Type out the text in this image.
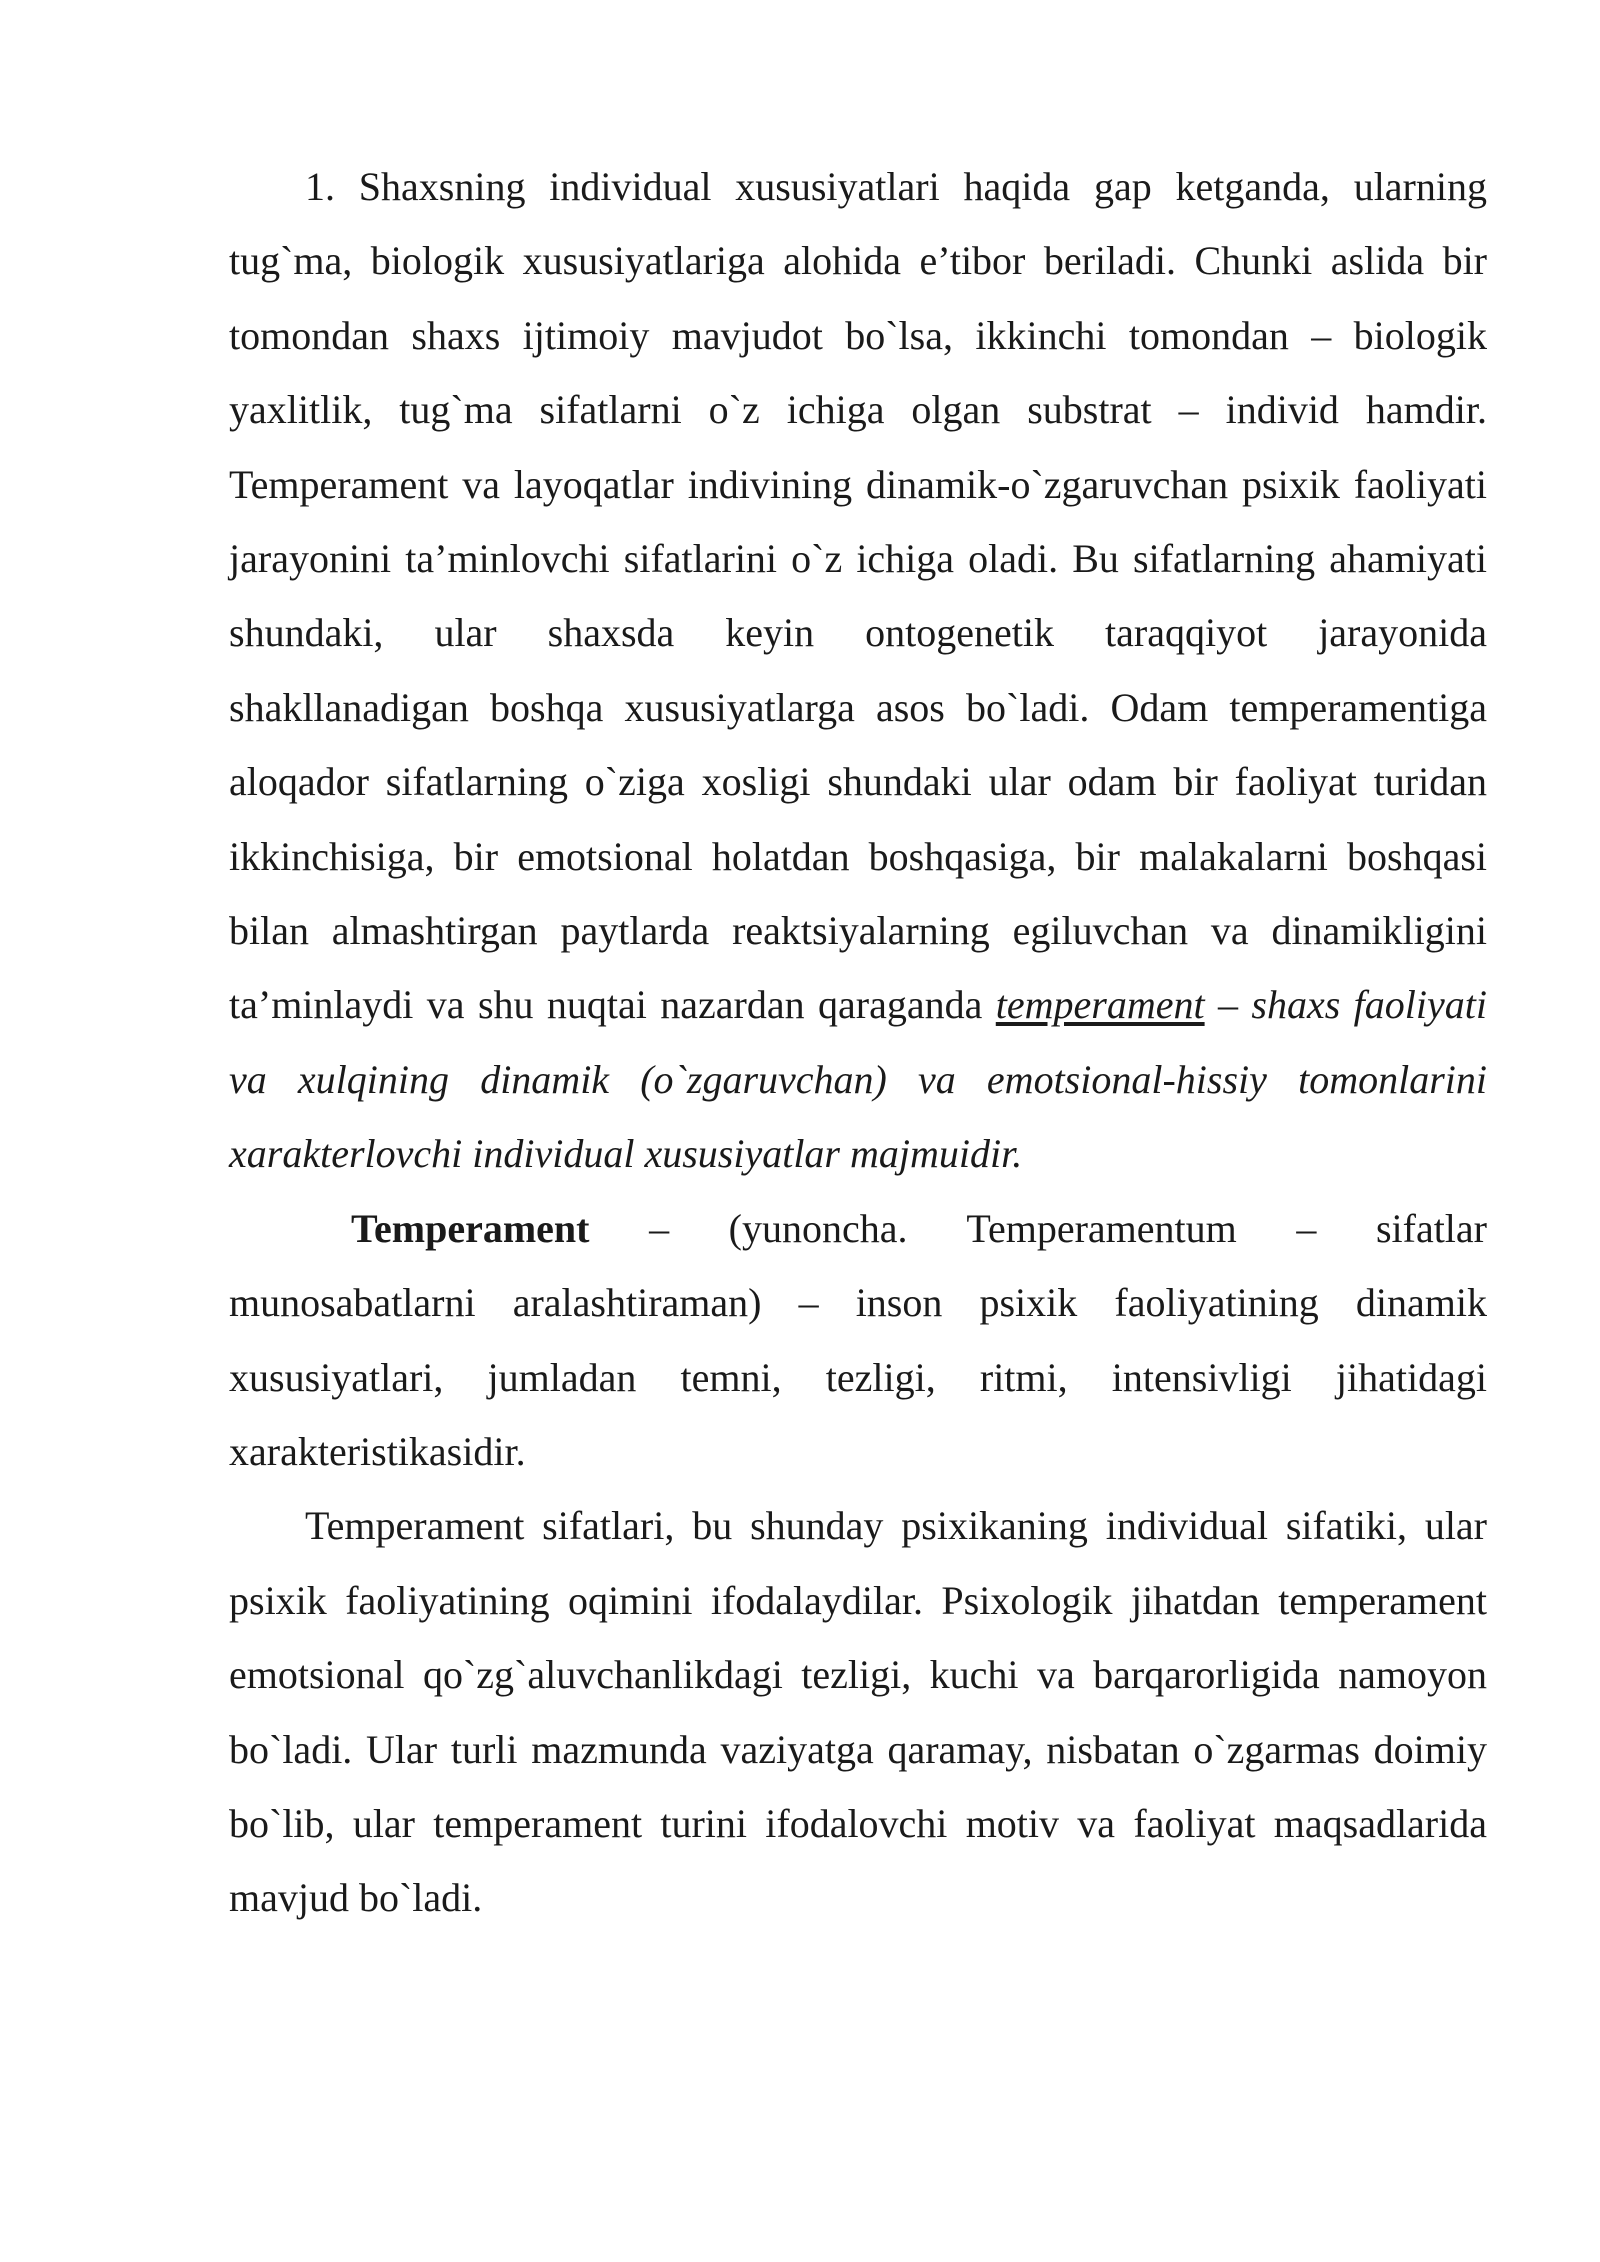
1. Shaxsning individual xususiyatlari haqida gap ketganda, ularning tug`ma, biologik xususiyatlariga alohida e’tibor beriladi. Chunki aslida bir tomondan shaxs ijtimoiy mavjudot bo`lsa, ikkinchi tomondan – biologik yaxlitlik, tug`ma sifatlarni o`z ichiga olgan substrat – individ hamdir. Temperament va layoqatlar indivining dinamik-o`zgaruvchan psixik faoliyati jarayonini ta’minlovchi sifatlarini o`z ichiga oladi. Bu sifatlarning ahamiyati shundaki, ular shaxsda keyin ontogenetik taraqqiyot jarayonida shakllanadigan boshqa xususiyatlarga asos bo`ladi. Odam temperamentiga aloqador sifatlarning o`ziga xosligi shundaki ular odam bir faoliyat turidan ikkinchisiga, bir emotsional holatdan boshqasiga, bir malakalarni boshqasi bilan almashtirgan paytlarda reaktsiyalarning egiluvchan va dinamikligini ta’minlaydi va shu nuqtai nazardan qaraganda temperament – shaxs faoliyati va xulqining dinamik (o`zgaruvchan) va emotsional-hissiy tomonlarini xarakterlovchi individual xususiyatlar majmuidir.

Temperament – (yunoncha. Temperamentum – sifatlar munosabatlarni aralashtiraman) – inson psixik faoliyatining dinamik xususiyatlari, jumladan temni, tezligi, ritmi, intensivligi jihatidagi xarakteristikasidir.

Temperament sifatlari, bu shunday psixikaning individual sifatiki, ular psixik faoliyatining oqimini ifodalaydilar. Psixologik jihatdan temperament emotsional qo`zg`aluvchanlikdagi tezligi, kuchi va barqarorligida namoyon bo`ladi. Ular turli mazmunda vaziyatga qaramay, nisbatan o`zgarmas doimiy bo`lib, ular temperament turini ifodalovchi motiv va faoliyat maqsadlarida mavjud bo`ladi.
